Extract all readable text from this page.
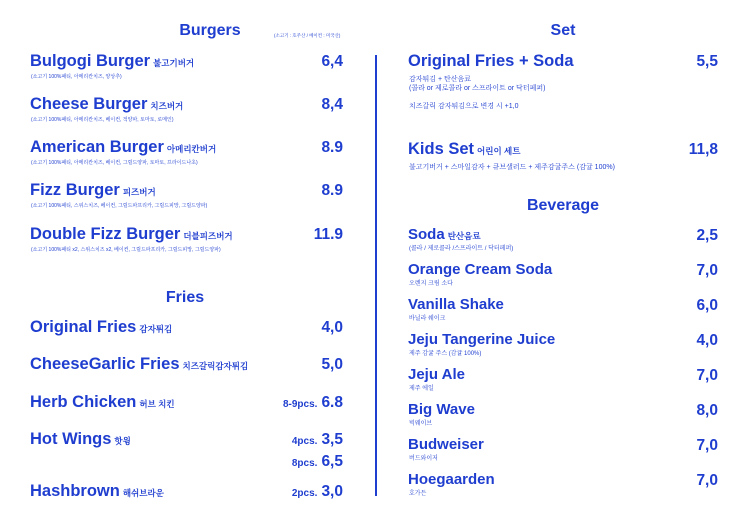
Burgers	(소고기 : 호주산 / 베이컨 : 미국산)
Bulgogi Burger 불고기버거
(소고기 100%패티, 아메리칸치즈, 양상추)
6,4
Cheese Burger 치즈버거
(소고기 100%패티, 아메리칸치즈, 베이컨, 적양파, 토마토, 로메인)
8,4
American Burger 아메리칸버거
(소고기 100%패티, 아메리칸치즈, 베이컨, 그릴드양파, 토마토, 프라이드나초)
8.9
Fizz Burger 피즈버거
(소고기 100%패티, 스위스치즈, 베이컨, 그릴드파프리카, 그릴드피망, 그릴드양파)
8.9
Double Fizz Burger 더블피즈버거
(소고기 100%패티 x2, 스위스치즈 x2, 베이컨, 그릴드파프리카, 그릴드피망, 그릴드양파)
11.9
Fries
Original Fries 감자튀김	4,0
CheeseGarlic Fries 치즈갈릭감자튀김	5,0
Herb Chicken 허브 치킨	8-9pcs. 6.8
Hot Wings 핫윙	4pcs. 3,5
8pcs. 6,5
Hashbrown 해쉬브라운	2pcs. 3,0
Set
Original Fries + Soda
감자튀김 + 탄산음료
(콜라 or 제로콜라 or 스프라이트 or 닥터페퍼)
치즈갈릭 감자튀김으로 변경 시 +1,0
5,5
Kids Set 어린이 세트
불고기버거 + 스마일감자 + 큐브샐러드 + 제주감귤주스 (감귤 100%)
11,8
Beverage
Soda 탄산음료
(콜라 / 제로콜라 /스프라이트 / 닥터페퍼)
2,5
Orange Cream Soda
오렌지 크림 소다
7,0
Vanilla Shake
바닐라 쉐이크
6,0
Jeju Tangerine Juice
제주 감귤 주스 (감귤 100%)
4,0
Jeju Ale
제주 에일
7,0
Big Wave
빅웨이브
8,0
Budweiser
버드와이저
7,0
Hoegaarden
호가든
7,0
